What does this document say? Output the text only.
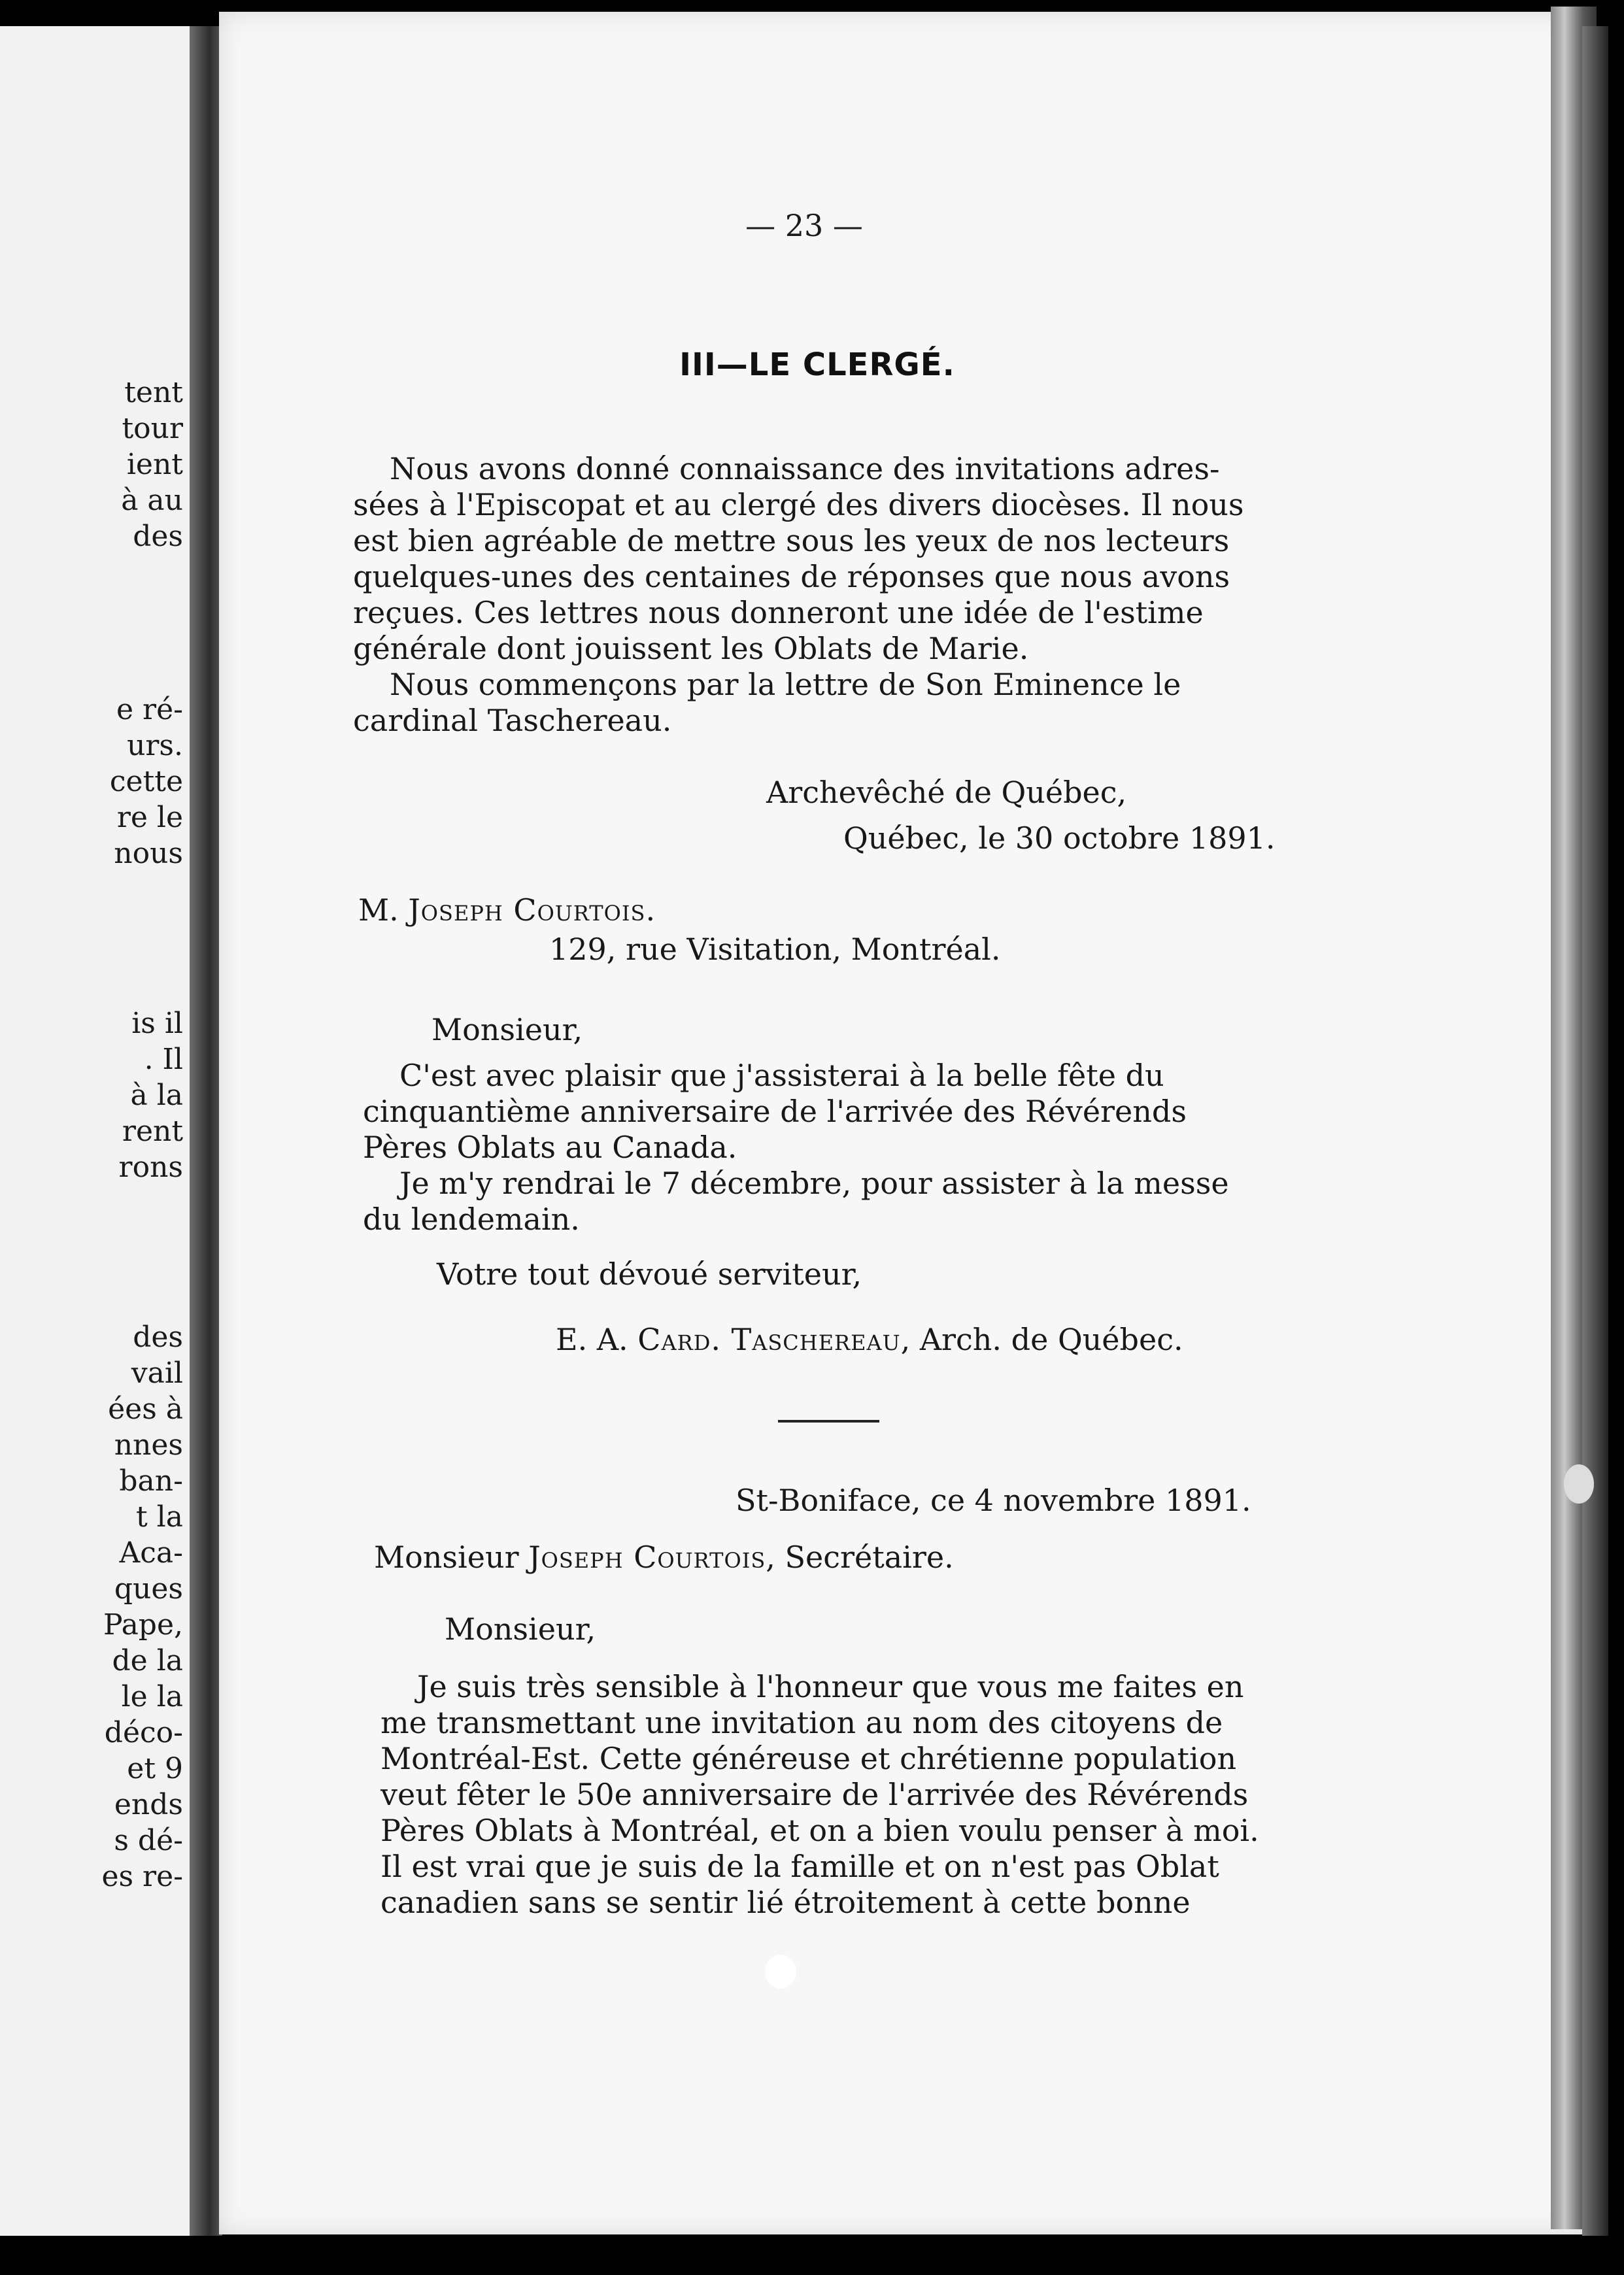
tent
tour
ient
à au
des
e ré-
urs.
cette
re le
nous
is il
. Il
à la
rent
rons
des
vail
ées à
nnes
ban-
t la
Aca-
ques
Pape,
de la
le la
déco-
et 9
ends
s dé-
es re-
— 23 —
III—LE CLERGÉ.
Nous avons donné connaissance des invitations adres-
sées à l'Episcopat et au clergé des divers diocèses. Il nous
est bien agréable de mettre sous les yeux de nos lecteurs
quelques-unes des centaines de réponses que nous avons
reçues. Ces lettres nous donneront une idée de l'estime
générale dont jouissent les Oblats de Marie.
Nous commençons par la lettre de Son Eminence le
cardinal Taschereau.
Archevêché de Québec,
Québec, le 30 octobre 1891.
M. Joseph Courtois.
129, rue Visitation, Montréal.
Monsieur,
C'est avec plaisir que j'assisterai à la belle fête du
cinquantième anniversaire de l'arrivée des Révérends
Pères Oblats au Canada.
Je m'y rendrai le 7 décembre, pour assister à la messe
du lendemain.
Votre tout dévoué serviteur,
E. A. Card. Taschereau, Arch. de Québec.
St-Boniface, ce 4 novembre 1891.
Monsieur Joseph Courtois, Secrétaire.
Monsieur,
Je suis très sensible à l'honneur que vous me faites en
me transmettant une invitation au nom des citoyens de
Montréal-Est. Cette généreuse et chrétienne population
veut fêter le 50e anniversaire de l'arrivée des Révérends
Pères Oblats à Montréal, et on a bien voulu penser à moi.
Il est vrai que je suis de la famille et on n'est pas Oblat
canadien sans se sentir lié étroitement à cette bonne
